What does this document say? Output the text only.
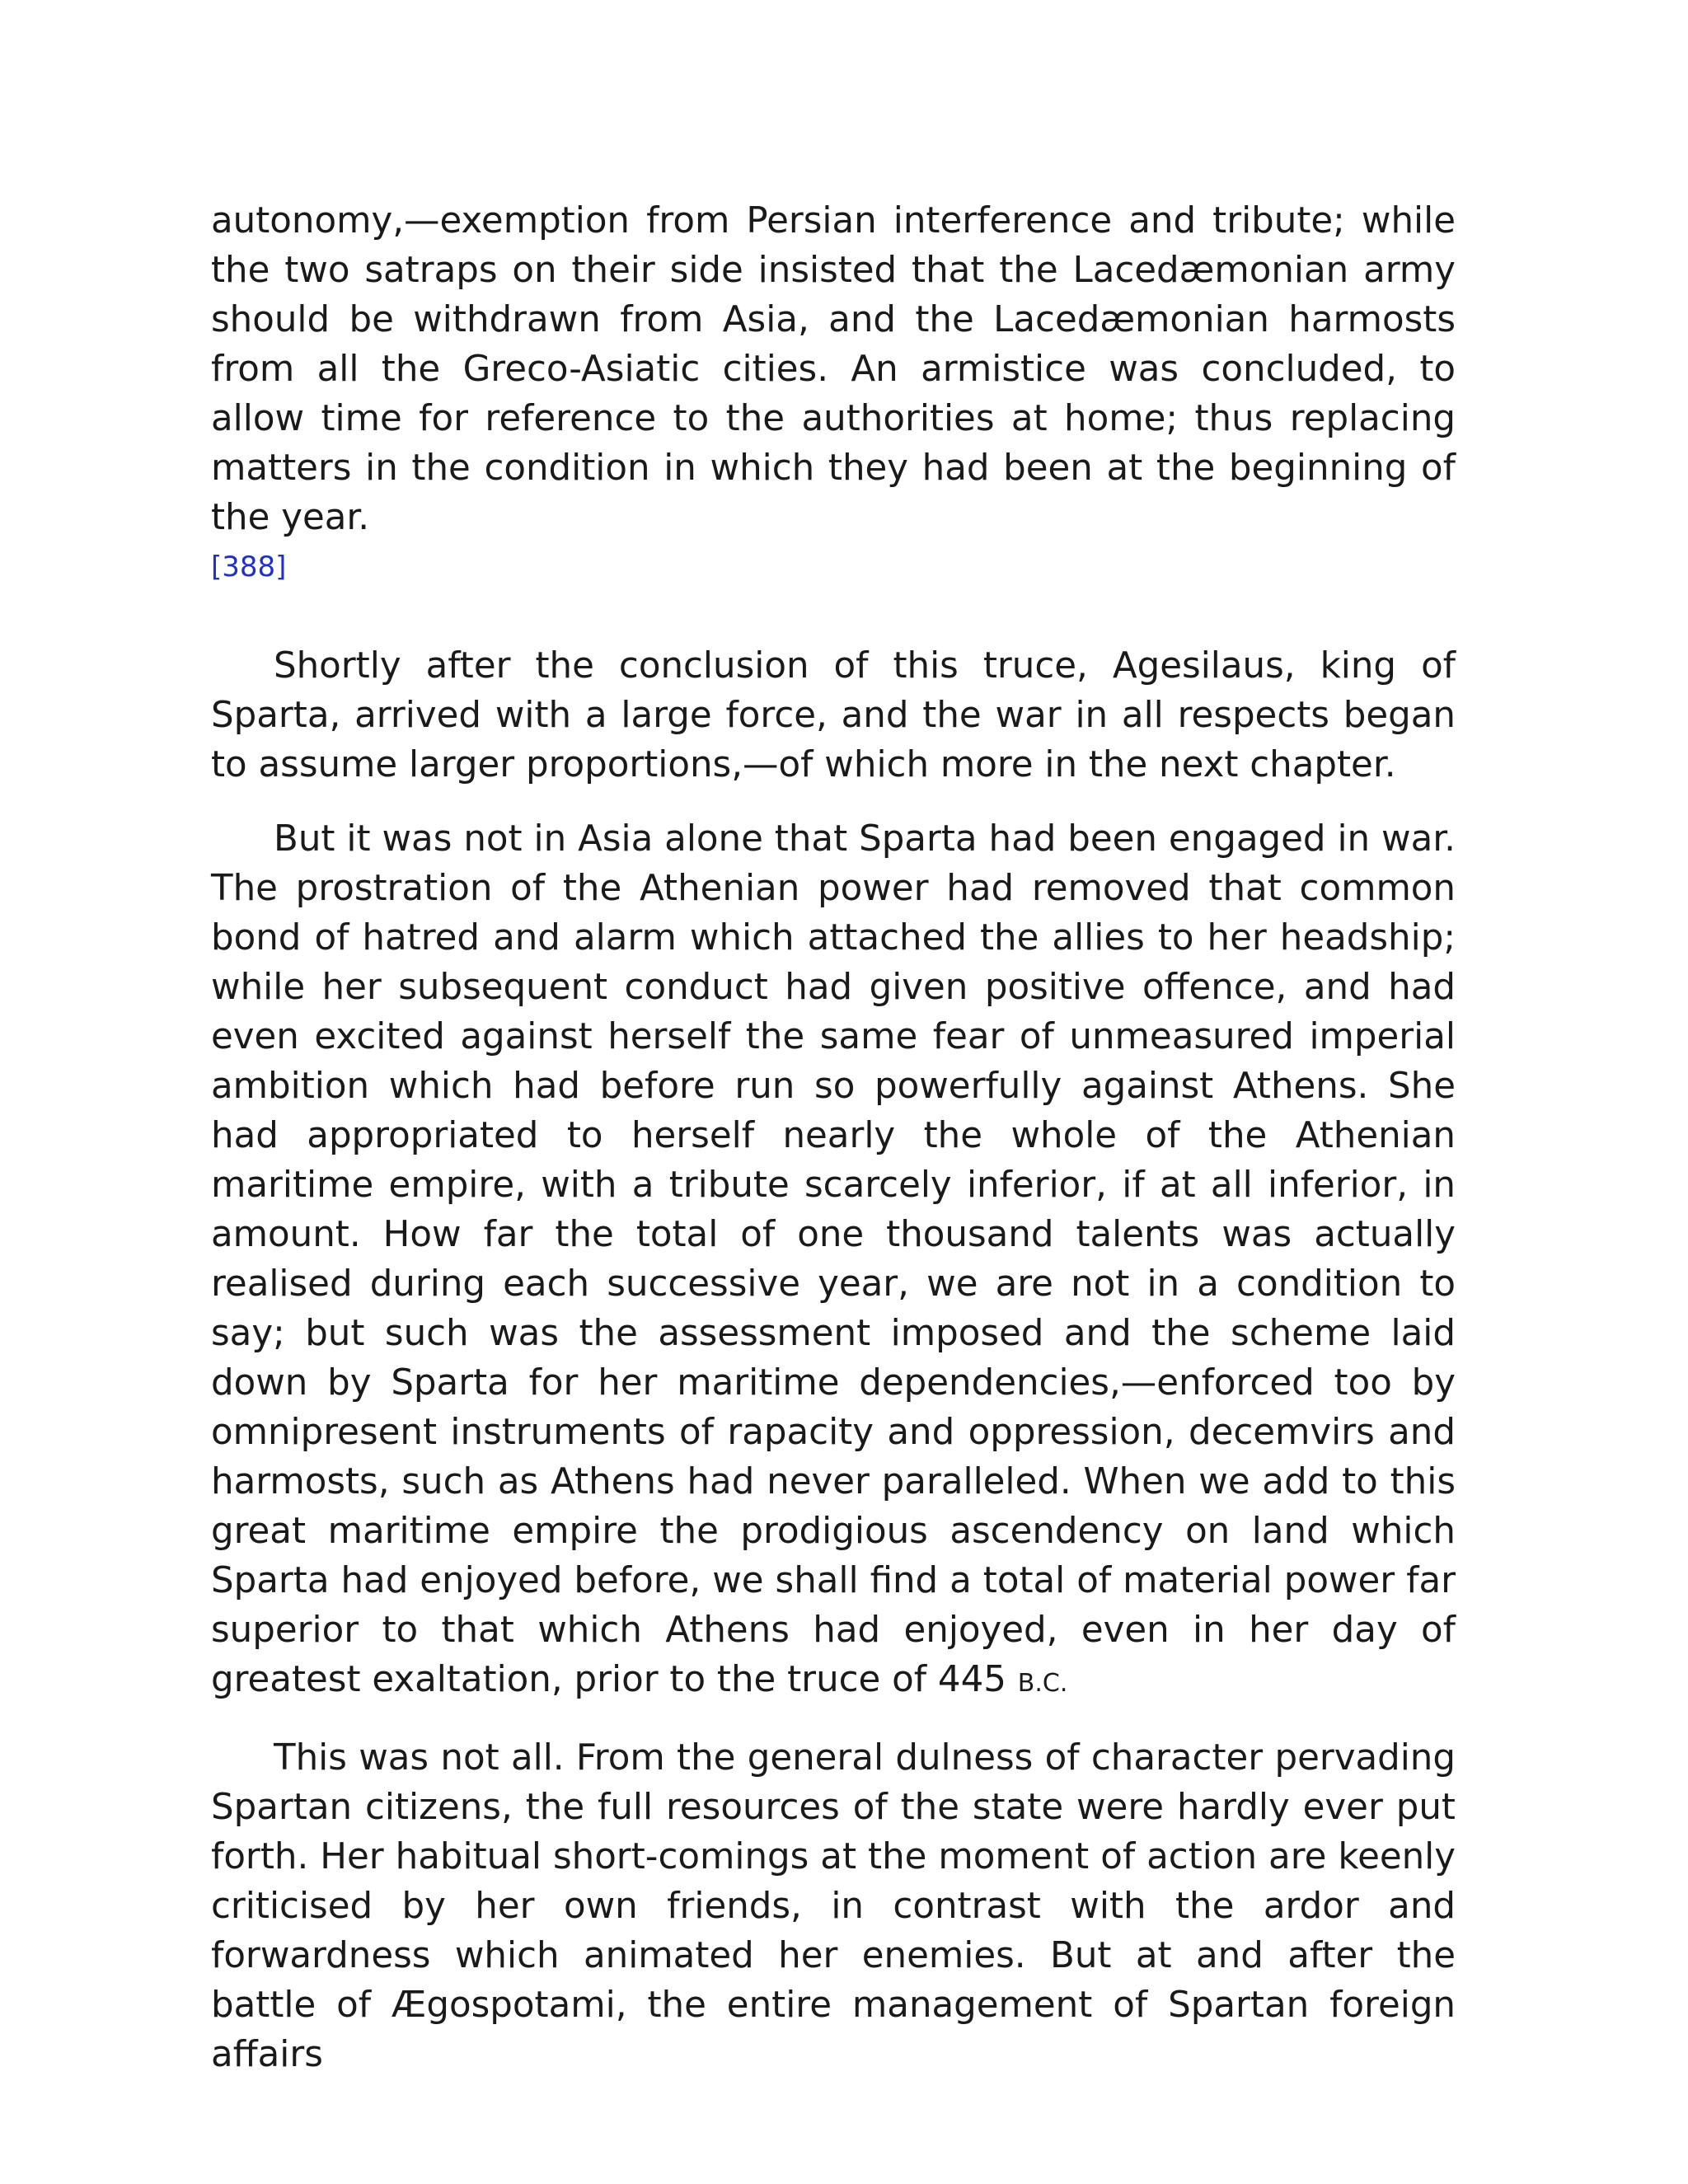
autonomy,—exemption from Persian interference and tribute; while the two satraps on their side insisted that the Lacedæmonian army should be withdrawn from Asia, and the Lacedæmonian harmosts from all the Greco-Asiatic cities. An armistice was concluded, to allow time for reference to the authorities at home; thus replacing matters in the condition in which they had been at the beginning of the year.
[388]

Shortly after the conclusion of this truce, Agesilaus, king of Sparta, arrived with a large force, and the war in all respects began to assume larger proportions,—of which more in the next chapter.

But it was not in Asia alone that Sparta had been engaged in war. The prostration of the Athenian power had removed that common bond of hatred and alarm which attached the allies to her headship; while her subsequent conduct had given positive offence, and had even excited against herself the same fear of unmeasured imperial ambition which had before run so powerfully against Athens. She had appropriated to herself nearly the whole of the Athenian maritime empire, with a tribute scarcely inferior, if at all inferior, in amount. How far the total of one thousand talents was actually realised during each successive year, we are not in a condition to say; but such was the assessment imposed and the scheme laid down by Sparta for her maritime dependencies,—enforced too by omnipresent instruments of rapacity and oppression, decemvirs and harmosts, such as Athens had never paralleled. When we add to this great maritime empire the prodigious ascendency on land which Sparta had enjoyed before, we shall find a total of material power far superior to that which Athens had enjoyed, even in her day of greatest exaltation, prior to the truce of 445 B.C.

This was not all. From the general dulness of character pervading Spartan citizens, the full resources of the state were hardly ever put forth. Her habitual short-comings at the moment of action are keenly criticised by her own friends, in contrast with the ardor and forwardness which animated her enemies. But at and after the battle of Ægospotami, the entire management of Spartan foreign affairs
